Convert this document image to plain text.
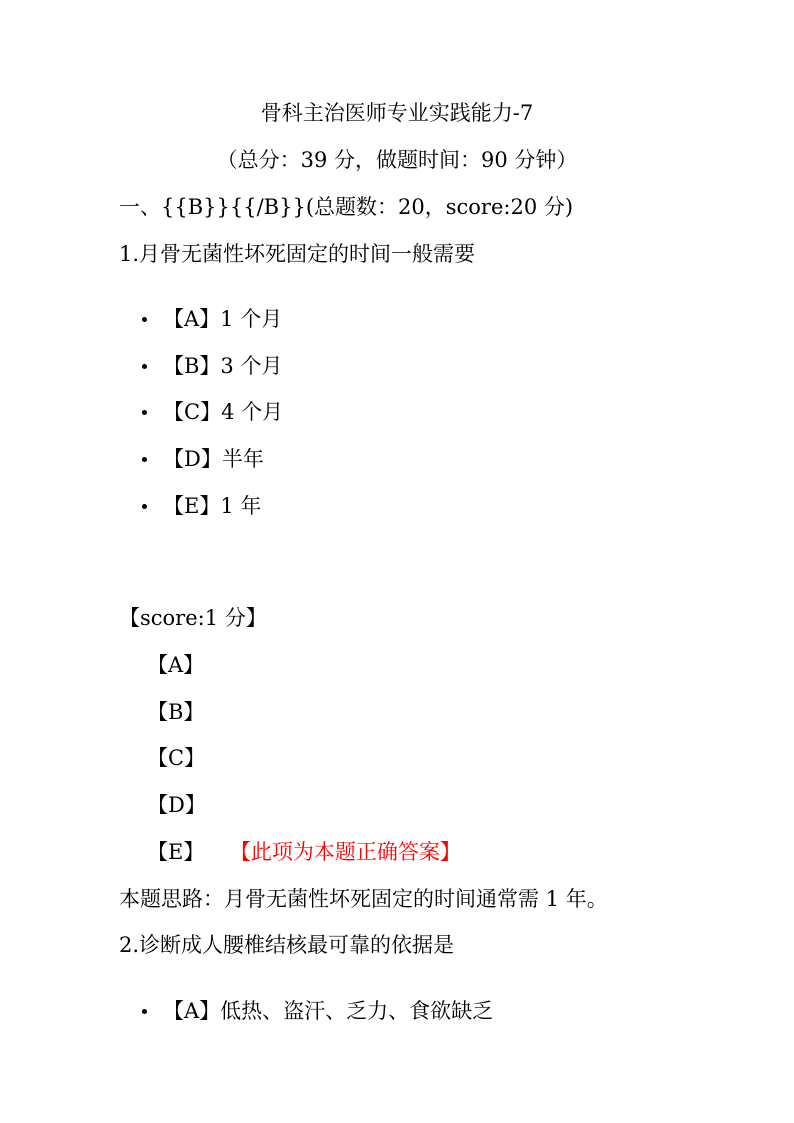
骨科主治医师专业实践能力-7
（总分：39 分，做题时间：90 分钟）
一、{{B}}{{/B}}(总题数：20，score:20 分)
1.月骨无菌性坏死固定的时间一般需要
【A】1 个月
【B】3 个月
【C】4 个月
【D】半年
【E】1 年
【score:1 分】
【A】
【B】
【C】
【D】
【E】 【此项为本题正确答案】
本题思路：月骨无菌性坏死固定的时间通常需 1 年。
2.诊断成人腰椎结核最可靠的依据是
【A】低热、盗汗、乏力、食欲缺乏
